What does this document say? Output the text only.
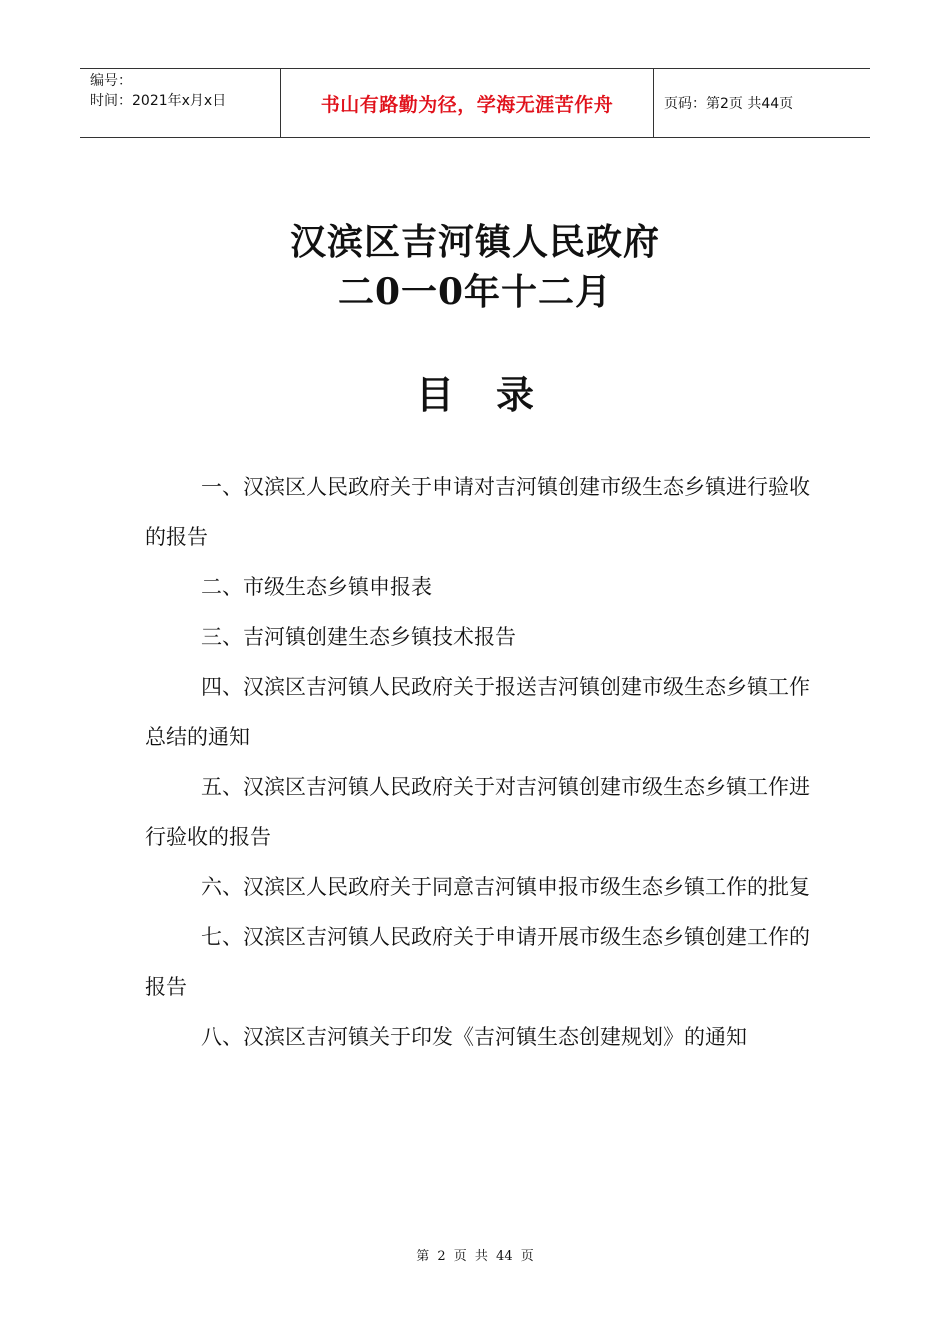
编号：
时间：2021年x月x日	书山有路勤为径，学海无涯苦作舟	页码：第2页 共44页
汉滨区吉河镇人民政府
二0一0年十二月
目录

一、汉滨区人民政府关于申请对吉河镇创建市级生态乡镇进行验收的报告

二、市级生态乡镇申报表

三、吉河镇创建生态乡镇技术报告

四、汉滨区吉河镇人民政府关于报送吉河镇创建市级生态乡镇工作总结的通知

五、汉滨区吉河镇人民政府关于对吉河镇创建市级生态乡镇工作进行验收的报告

六、汉滨区人民政府关于同意吉河镇申报市级生态乡镇工作的批复

七、汉滨区吉河镇人民政府关于申请开展市级生态乡镇创建工作的报告

八、汉滨区吉河镇关于印发《吉河镇生态创建规划》的通知

第 2 页 共 44 页
